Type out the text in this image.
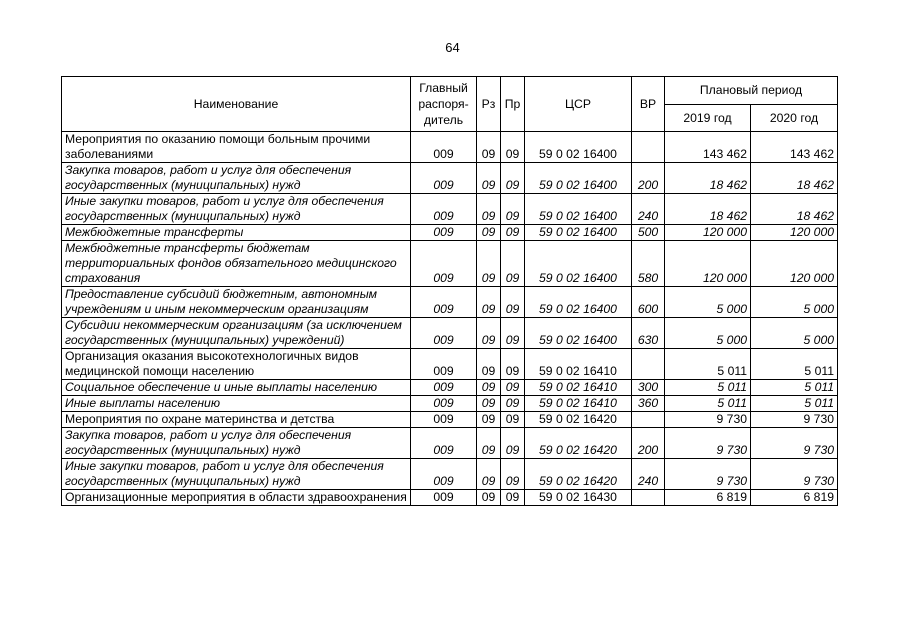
64
Наименование	Главный распоря-дитель	Рз	Пр	ЦСР	ВР	Плановый период	
						2019 год	2020 год
Мероприятия по оказанию помощи больным прочими заболеваниями	009	09	09	59 0 02 16400		143 462	143 462
Закупка товаров, работ и услуг для обеспечения государственных (муниципальных) нужд	009	09	09	59 0 02 16400	200	18 462	18 462
Иные закупки товаров, работ и услуг для обеспечения государственных (муниципальных) нужд	009	09	09	59 0 02 16400	240	18 462	18 462
Межбюджетные трансферты	009	09	09	59 0 02 16400	500	120 000	120 000
Межбюджетные трансферты бюджетам территориальных фондов обязательного медицинского страхования	009	09	09	59 0 02 16400	580	120 000	120 000
Предоставление субсидий бюджетным, автономным учреждениям и иным некоммерческим организациям	009	09	09	59 0 02 16400	600	5 000	5 000
Субсидии некоммерческим организациям (за исключением государственных (муниципальных) учреждений)	009	09	09	59 0 02 16400	630	5 000	5 000
Организация оказания высокотехнологичных видов медицинской помощи населению	009	09	09	59 0 02 16410		5 011	5 011
Социальное обеспечение и иные выплаты населению	009	09	09	59 0 02 16410	300	5 011	5 011
Иные выплаты населению	009	09	09	59 0 02 16410	360	5 011	5 011
Мероприятия по охране материнства и детства	009	09	09	59 0 02 16420		9 730	9 730
Закупка товаров, работ и услуг для обеспечения государственных (муниципальных) нужд	009	09	09	59 0 02 16420	200	9 730	9 730
Иные закупки товаров, работ и услуг для обеспечения государственных (муниципальных) нужд	009	09	09	59 0 02 16420	240	9 730	9 730
Организационные мероприятия в области здравоохранения	009	09	09	59 0 02 16430		6 819	6 819
